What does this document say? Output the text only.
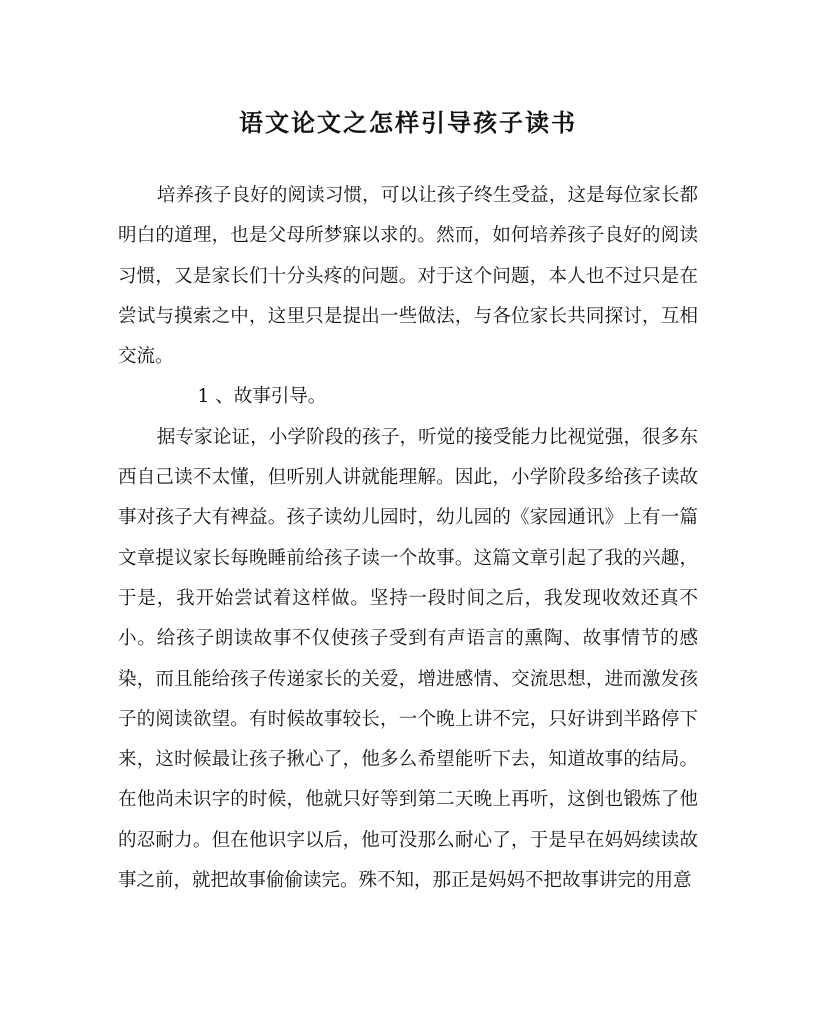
语文论文之怎样引导孩子读书

培养孩子良好的阅读习惯，可以让孩子终生受益，这是每位家长都明白的道理，也是父母所梦寐以求的。然而，如何培养孩子良好的阅读习惯，又是家长们十分头疼的问题。对于这个问题，本人也不过只是在尝试与摸索之中，这里只是提出一些做法，与各位家长共同探讨，互相交流。

1 、故事引导。

据专家论证，小学阶段的孩子，听觉的接受能力比视觉强，很多东西自己读不太懂，但听别人讲就能理解。因此，小学阶段多给孩子读故事对孩子大有裨益。孩子读幼儿园时，幼儿园的《家园通讯》上有一篇文章提议家长每晚睡前给孩子读一个故事。这篇文章引起了我的兴趣，于是，我开始尝试着这样做。坚持一段时间之后，我发现收效还真不小。给孩子朗读故事不仅使孩子受到有声语言的熏陶、故事情节的感染，而且能给孩子传递家长的关爱，增进感情、交流思想，进而激发孩子的阅读欲望。有时候故事较长，一个晚上讲不完，只好讲到半路停下来，这时候最让孩子揪心了，他多么希望能听下去，知道故事的结局。在他尚未识字的时候，他就只好等到第二天晚上再听，这倒也锻炼了他的忍耐力。但在他识字以后，他可没那么耐心了，于是早在妈妈续读故事之前，就把故事偷偷读完。殊不知，那正是妈妈不把故事讲完的用意
